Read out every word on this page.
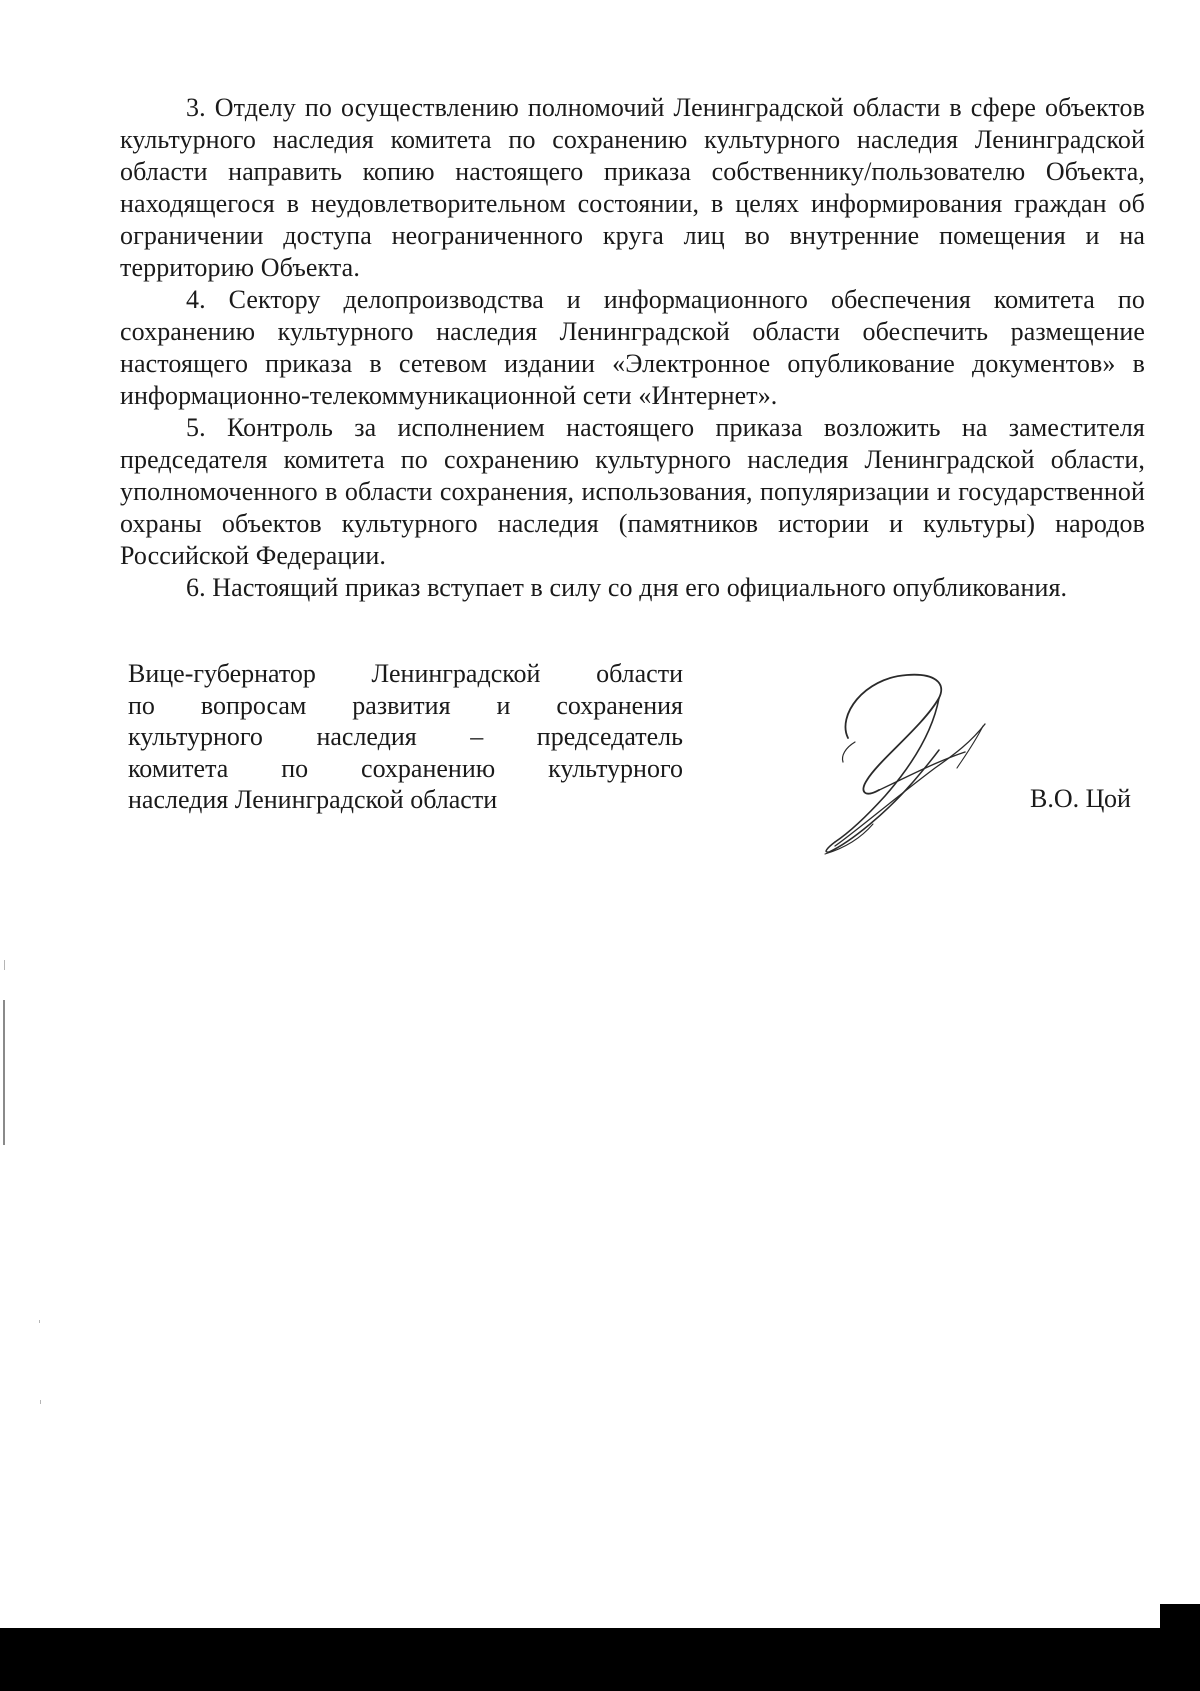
3. Отделу по осуществлению полномочий Ленинградской области в сфере объектов культурного наследия комитета по сохранению культурного наследия Ленинградской области направить копию настоящего приказа собственнику/пользователю Объекта, находящегося в неудовлетворительном состоянии, в целях информирования граждан об ограничении доступа неограниченного круга лиц во внутренние помещения и на территорию Объекта.

4. Сектору делопроизводства и информационного обеспечения комитета по сохранению культурного наследия Ленинградской области обеспечить размещение настоящего приказа в сетевом издании «Электронное опубликование документов» в информационно-телекоммуникационной сети «Интернет».

5. Контроль за исполнением настоящего приказа возложить на заместителя председателя комитета по сохранению культурного наследия Ленинградской области, уполномоченного в области сохранения, использования, популяризации и государственной охраны объектов культурного наследия (памятников истории и культуры) народов Российской Федерации.

6. Настоящий приказ вступает в силу со дня его официального опубликования.

Вице-губернатор Ленинградской области
по вопросам развития и сохранения
культурного наследия – председатель
комитета по сохранению культурного
наследия Ленинградской области	В.О. Цой
